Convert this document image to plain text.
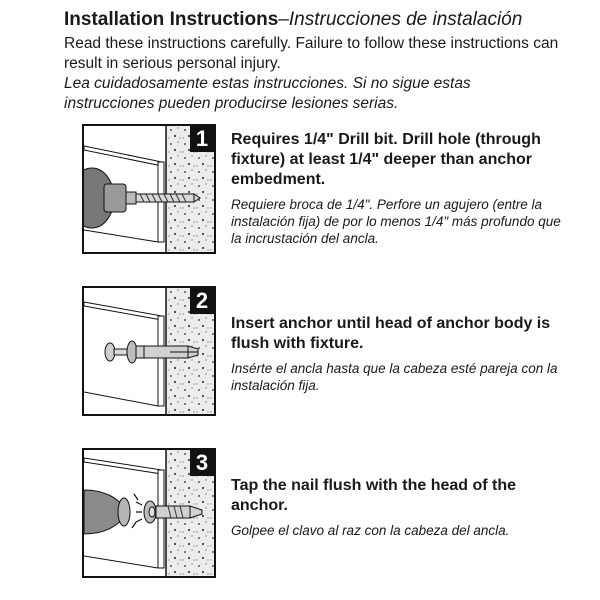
Installation Instructions–Instrucciones de instalación

Read these instructions carefully. Failure to follow these instructions can result in serious personal injury.

Lea cuidadosamente estas instrucciones. Si no sigue estas instrucciones pueden producirse lesiones serias.

1	Requires 1/4" Drill bit. Drill hole (through fixture) at least 1/4" deeper than anchor embedment.

Requiere broca de 1/4". Perfore un agujero (entre la instalación fija) de por lo menos 1/4" más profundo que la incrustación del ancla.

2

Insert anchor until head of anchor body is flush with fixture.

Insérte el ancla hasta que la cabeza esté pareja con la instalación fija.

3

Tap the nail flush with the head of the anchor.

Golpee el clavo al raz con la cabeza del ancla.
